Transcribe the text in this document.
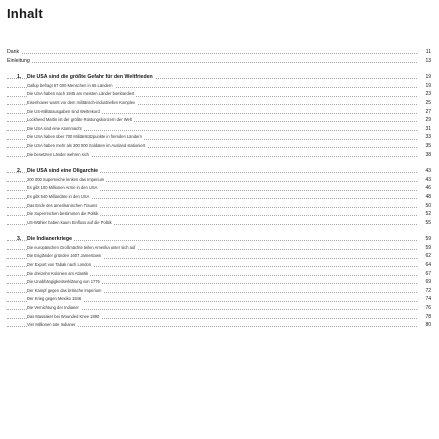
Inhalt
Dank	11
Einleitung	13
1. Die USA sind die größte Gefahr für den Weltfrieden	19
Gallup befragt 67 000 Menschen in 65 Ländern	19
Die USA haben nach 1945 am meisten Länder bombardiert	23
Eisenhower warnt vor dem militärisch-industriellen Komplex	25
Die US-Militärausgaben sind Weltrekord	27
Lockheed Martin ist der größte Rüstungskonzern der Welt	29
Die USA sind eine Atommacht	31
Die USA haben über 700 Militärstützpunkte in fremden Ländern	33
Die USA haben mehr als 200 000 Soldaten im Ausland stationiert	35
Die besetzten Länder wehren sich	38
2. Die USA sind eine Oligarchie	43
200 000 Superreiche lenken das Imperium	43
Es gibt 100 Millionen Arme in den USA	46
Es gibt 540 Milliardäre in den USA	48
Das Ende des amerikanischen Traums	50
Die Superreichen bestimmen die Politik	52
US-Wähler haben kaum Einfluss auf die Politik	55
3. Die Indianerkriege	59
Die europäischen Großmächte teilen Amerika unter sich auf	59
Die Engländer gründen 1607 Jamestown	62
Der Export von Tabak nach London	64
Die dreizehn Kolonien am Atlantik	67
Die Unabhängigkeitserklärung von 1776	69
Der Kampf gegen das britische Imperium	72
Der Krieg gegen Mexiko 1846	74
Die Vernichtung der Indianer	76
Das Massaker bei Wounded Knee 1890	78
Vier Millionen tote Indianer	80
